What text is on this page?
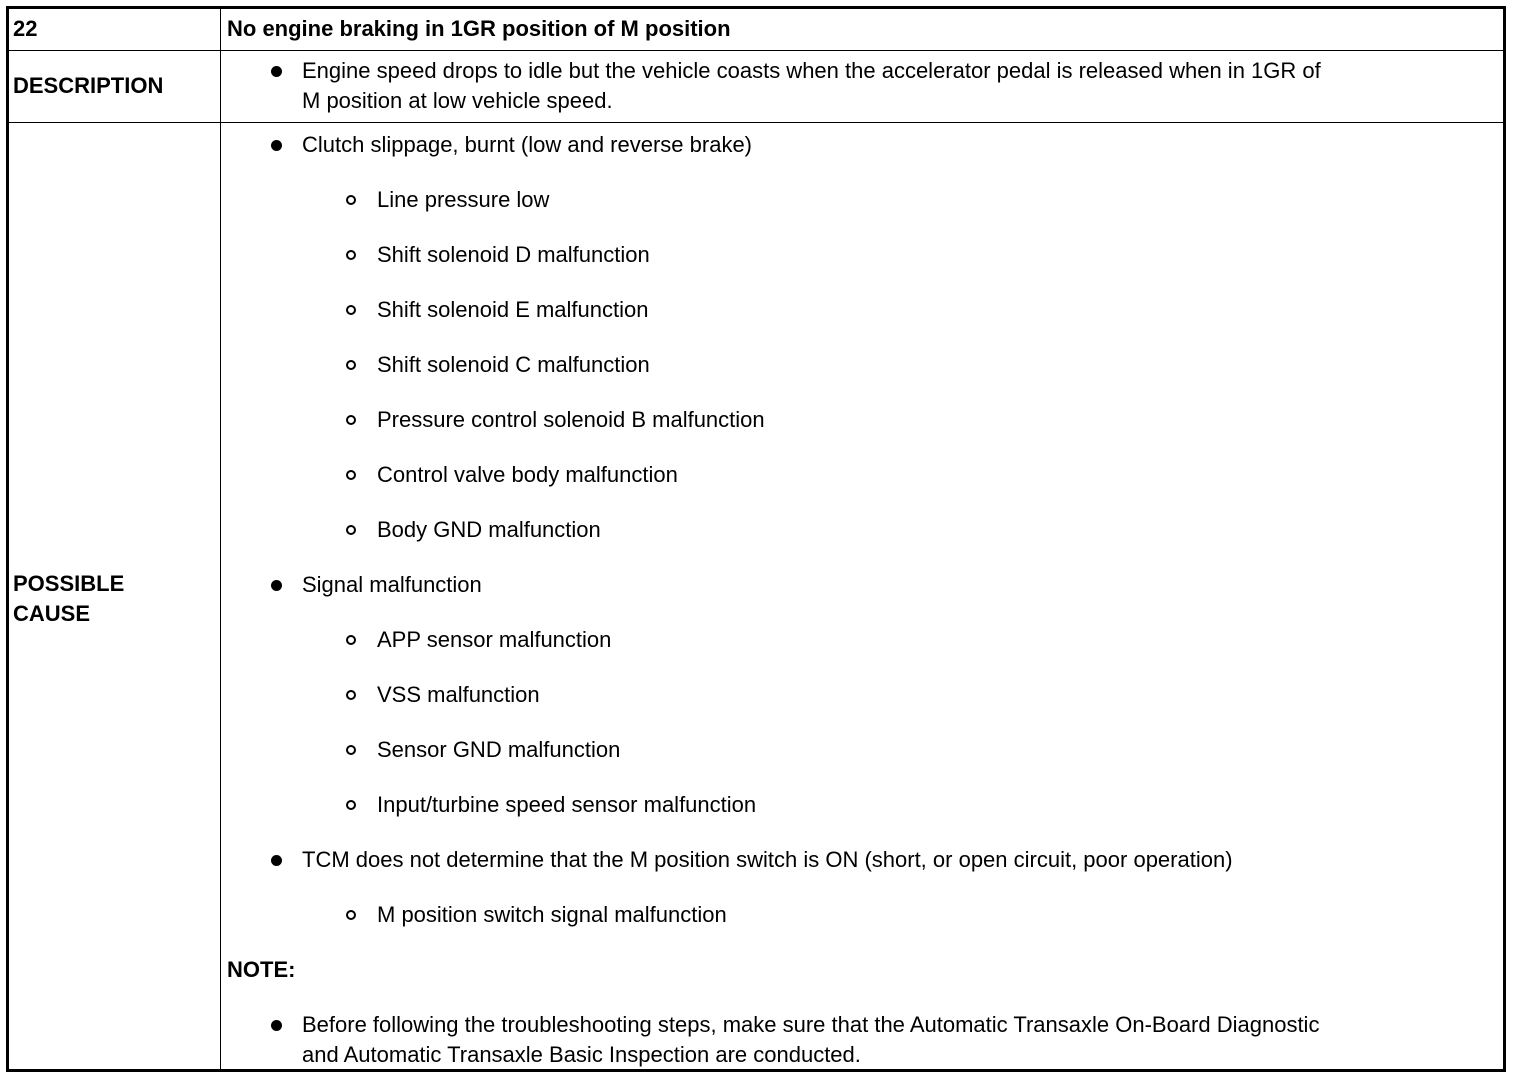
22	No engine braking in 1GR position of M position
DESCRIPTION
Engine speed drops to idle but the vehicle coasts when the accelerator pedal is released when in 1GR of
M position at low vehicle speed.
POSSIBLE
CAUSE
Clutch slippage, burnt (low and reverse brake)
Line pressure low
Shift solenoid D malfunction
Shift solenoid E malfunction
Shift solenoid C malfunction
Pressure control solenoid B malfunction
Control valve body malfunction
Body GND malfunction
Signal malfunction
APP sensor malfunction
VSS malfunction
Sensor GND malfunction
Input/turbine speed sensor malfunction
TCM does not determine that the M position switch is ON (short, or open circuit, poor operation)
M position switch signal malfunction
NOTE:
Before following the troubleshooting steps, make sure that the Automatic Transaxle On-Board Diagnostic
and Automatic Transaxle Basic Inspection are conducted.
